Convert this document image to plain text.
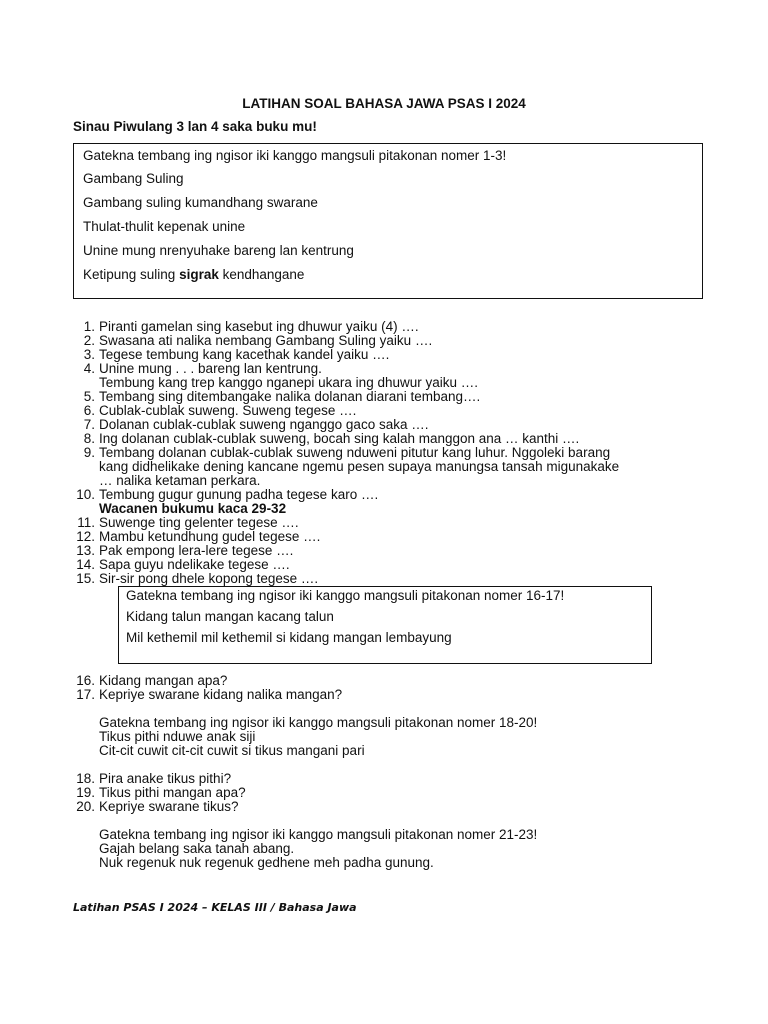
LATIHAN SOAL BAHASA JAWA PSAS I 2024
Sinau Piwulang 3 lan 4 saka buku mu!
Gatekna tembang ing ngisor iki kanggo mangsuli pitakonan nomer 1-3!
Gambang Suling
Gambang suling kumandhang swarane
Thulat-thulit kepenak unine
Unine mung nrenyuhake bareng lan kentrung
Ketipung suling sigrak kendhangane
1. Piranti gamelan sing kasebut ing dhuwur yaiku (4) ….
2. Swasana ati nalika nembang Gambang Suling yaiku ….
3. Tegese tembung kang kacethak kandel yaiku ….
4. Unine mung . . . bareng lan kentrung.
Tembung kang trep kanggo nganepi ukara ing dhuwur yaiku ….
5. Tembang sing ditembangake nalika dolanan diarani tembang….
6. Cublak-cublak suweng. Suweng tegese ….
7. Dolanan cublak-cublak suweng nganggo gaco saka ….
8. Ing dolanan cublak-cublak suweng, bocah sing kalah manggon ana … kanthi ….
9. Tembang dolanan cublak-cublak suweng nduweni pitutur kang luhur. Nggoleki barang
kang didhelikake dening kancane ngemu pesen supaya manungsa tansah migunakake
… nalika ketaman perkara.
10. Tembung gugur gunung padha tegese karo ….
Wacanen bukumu kaca 29-32
11. Suwenge ting gelenter tegese ….
12. Mambu ketundhung gudel tegese ….
13. Pak empong lera-lere tegese ….
14. Sapa guyu ndelikake tegese ….
15. Sir-sir pong dhele kopong tegese ….
Gatekna tembang ing ngisor iki kanggo mangsuli pitakonan nomer 16-17!
Kidang talun mangan kacang talun
Mil kethemil mil kethemil si kidang mangan lembayung
16. Kidang mangan apa?
17. Kepriye swarane kidang nalika mangan?
Gatekna tembang ing ngisor iki kanggo mangsuli pitakonan nomer 18-20!
Tikus pithi nduwe anak siji
Cit-cit cuwit cit-cit cuwit si tikus mangani pari
18. Pira anake tikus pithi?
19. Tikus pithi mangan apa?
20. Kepriye swarane tikus?
Gatekna tembang ing ngisor iki kanggo mangsuli pitakonan nomer 21-23!
Gajah belang saka tanah abang.
Nuk regenuk nuk regenuk gedhene meh padha gunung.
Latihan PSAS I 2024 – KELAS III / Bahasa Jawa
